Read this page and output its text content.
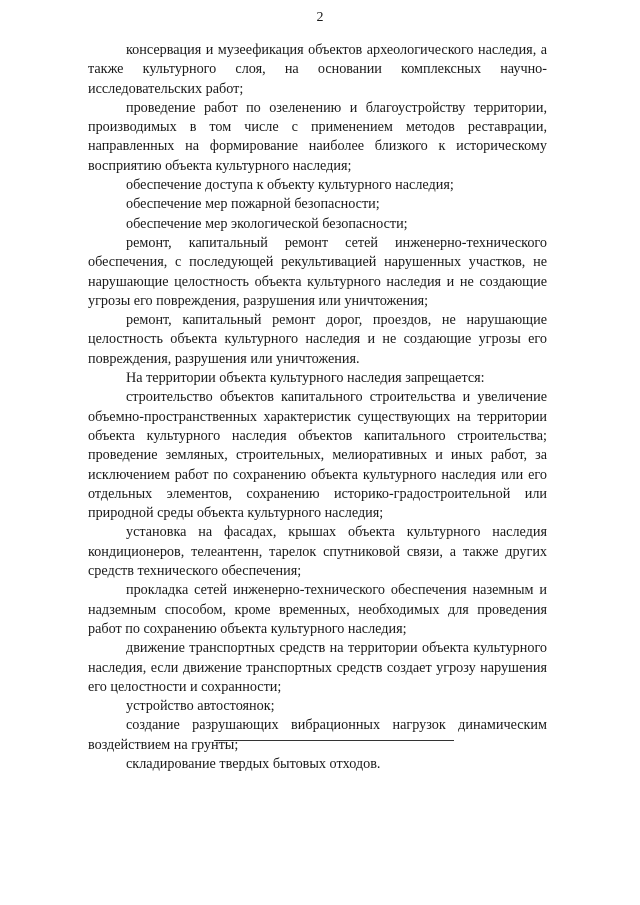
2

консервация и музеефикация объектов археологического наследия, а также культурного слоя, на основании комплексных научно-исследовательских работ;

проведение работ по озеленению и благоустройству территории, производимых в том числе с применением методов реставрации, направленных на формирование наиболее близкого к историческому восприятию объекта культурного наследия;

обеспечение доступа к объекту культурного наследия;

обеспечение мер пожарной безопасности;

обеспечение мер экологической безопасности;

ремонт, капитальный ремонт сетей инженерно-технического обеспечения, с последующей рекультивацией нарушенных участков, не нарушающие целостность объекта культурного наследия и не создающие угрозы его повреждения, разрушения или уничтожения;

ремонт, капитальный ремонт дорог, проездов, не нарушающие целостность объекта культурного наследия и не создающие угрозы его повреждения, разрушения или уничтожения.

На территории объекта культурного наследия запрещается:

строительство объектов капитального строительства и увеличение объемно-пространственных характеристик существующих на территории объекта культурного наследия объектов капитального строительства; проведение земляных, строительных, мелиоративных и иных работ, за исключением работ по сохранению объекта культурного наследия или его отдельных элементов, сохранению историко-градостроительной или природной среды объекта культурного наследия;

установка на фасадах, крышах объекта культурного наследия кондиционеров, телеантенн, тарелок спутниковой связи, а также других средств технического обеспечения;

прокладка сетей инженерно-технического обеспечения наземным и надземным способом, кроме временных, необходимых для проведения работ по сохранению объекта культурного наследия;

движение транспортных средств на территории объекта культурного наследия, если движение транспортных средств создает угрозу нарушения его целостности и сохранности;

устройство автостоянок;

создание разрушающих вибрационных нагрузок динамическим воздействием на грунты;

складирование твердых бытовых отходов.
